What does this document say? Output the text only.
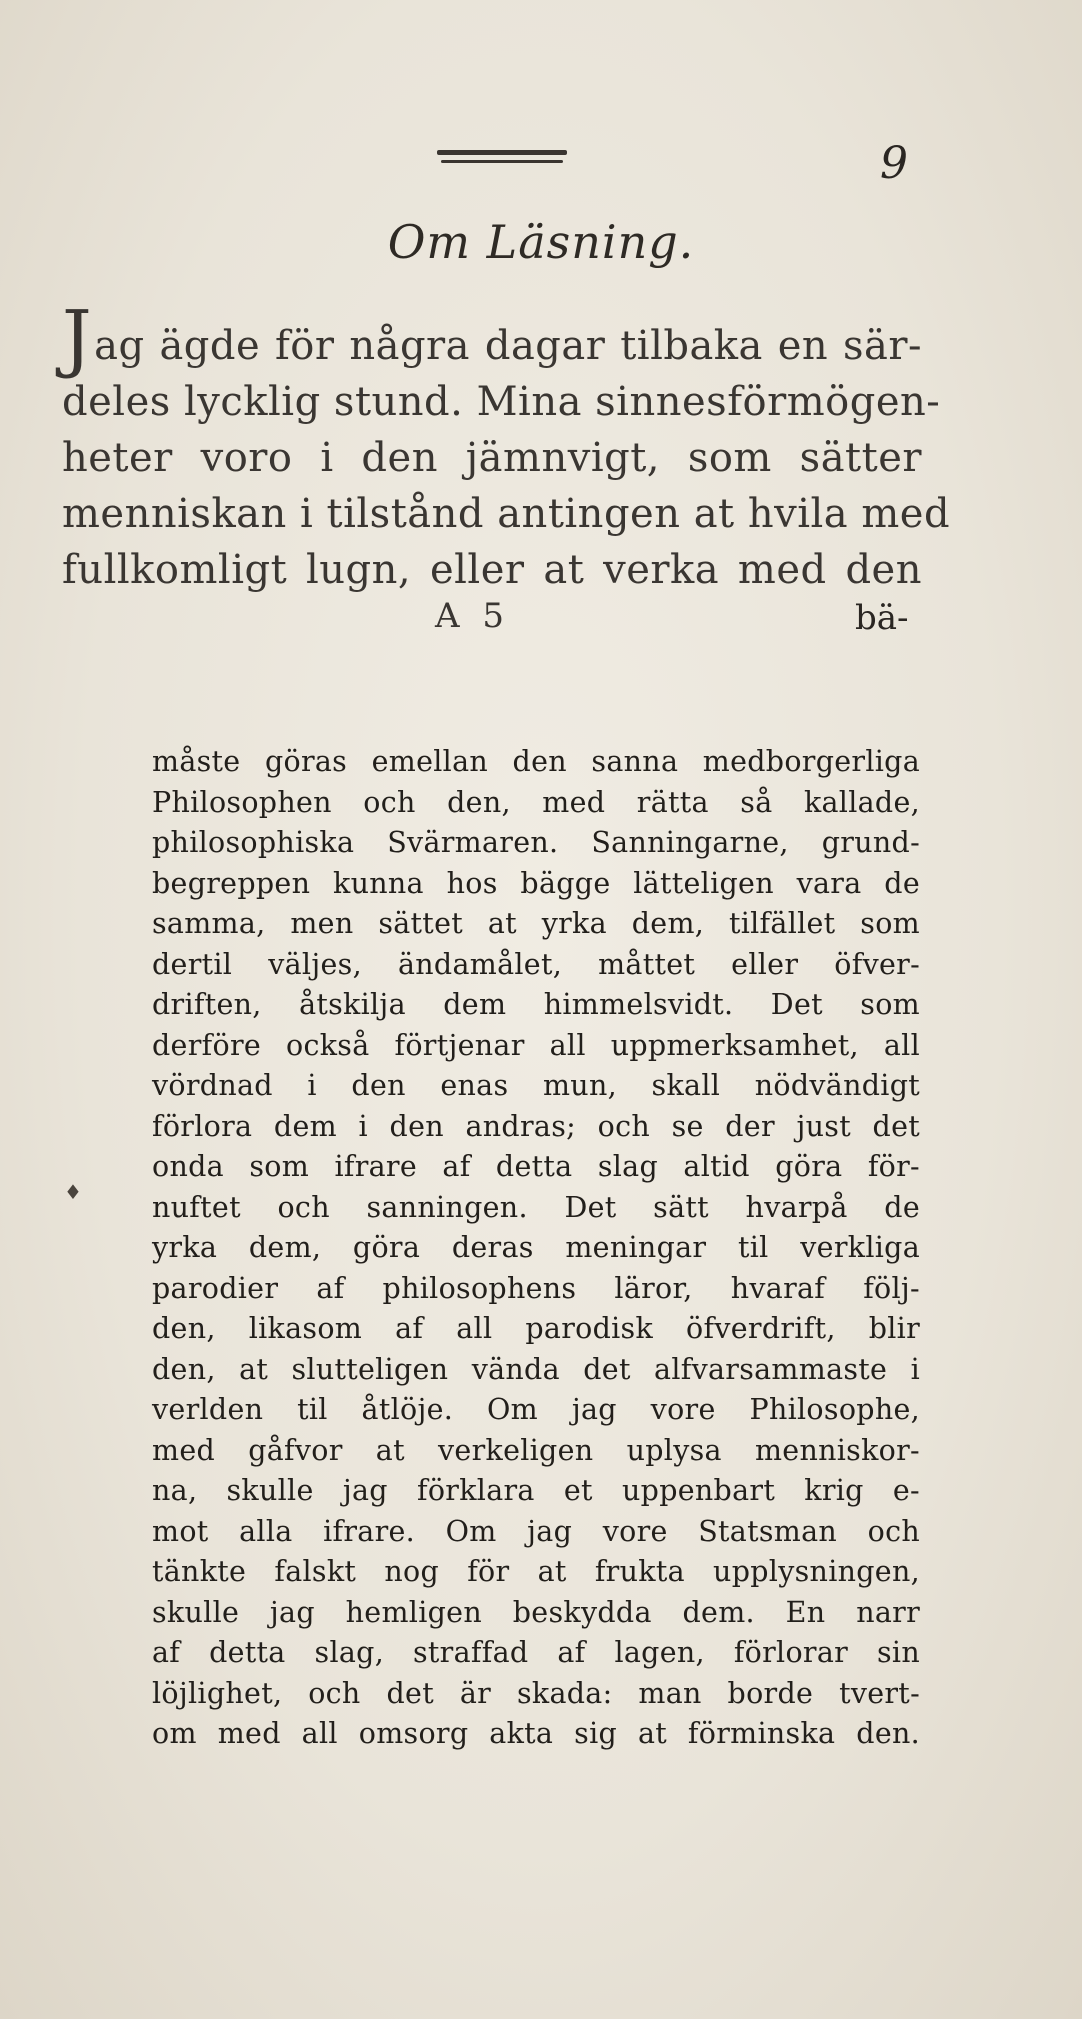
9
Om Läsning.
Jag ägde för några dagar tilbaka en sär-
deles lycklig stund. Mina sinnesförmögen-
heter voro i den jämnvigt, som sätter
menniskan i tilstånd antingen at hvila med
fullkomligt lugn, eller at verka med den
A 5	bä-
♦
måste göras emellan den sanna medborgerliga
Philosophen och den, med rätta så kallade,
philosophiska Svärmaren. Sanningarne, grund-
begreppen kunna hos bägge lätteligen vara de
samma, men sättet at yrka dem, tilfället som
dertil väljes, ändamålet, måttet eller öfver-
driften, åtskilja dem himmelsvidt. Det som
derföre också förtjenar all uppmerksamhet, all
vördnad i den enas mun, skall nödvändigt
förlora dem i den andras; och se der just det
onda som ifrare af detta slag altid göra för-
nuftet och sanningen. Det sätt hvarpå de
yrka dem, göra deras meningar til verkliga
parodier af philosophens läror, hvaraf följ-
den, likasom af all parodisk öfverdrift, blir
den, at slutteligen vända det alfvarsammaste i
verlden til åtlöje. Om jag vore Philosophe,
med gåfvor at verkeligen uplysa menniskor-
na, skulle jag förklara et uppenbart krig e-
mot alla ifrare. Om jag vore Statsman och
tänkte falskt nog för at frukta upplysningen,
skulle jag hemligen beskydda dem. En narr
af detta slag, straffad af lagen, förlorar sin
löjlighet, och det är skada: man borde tvert-
om med all omsorg akta sig at förminska den.
